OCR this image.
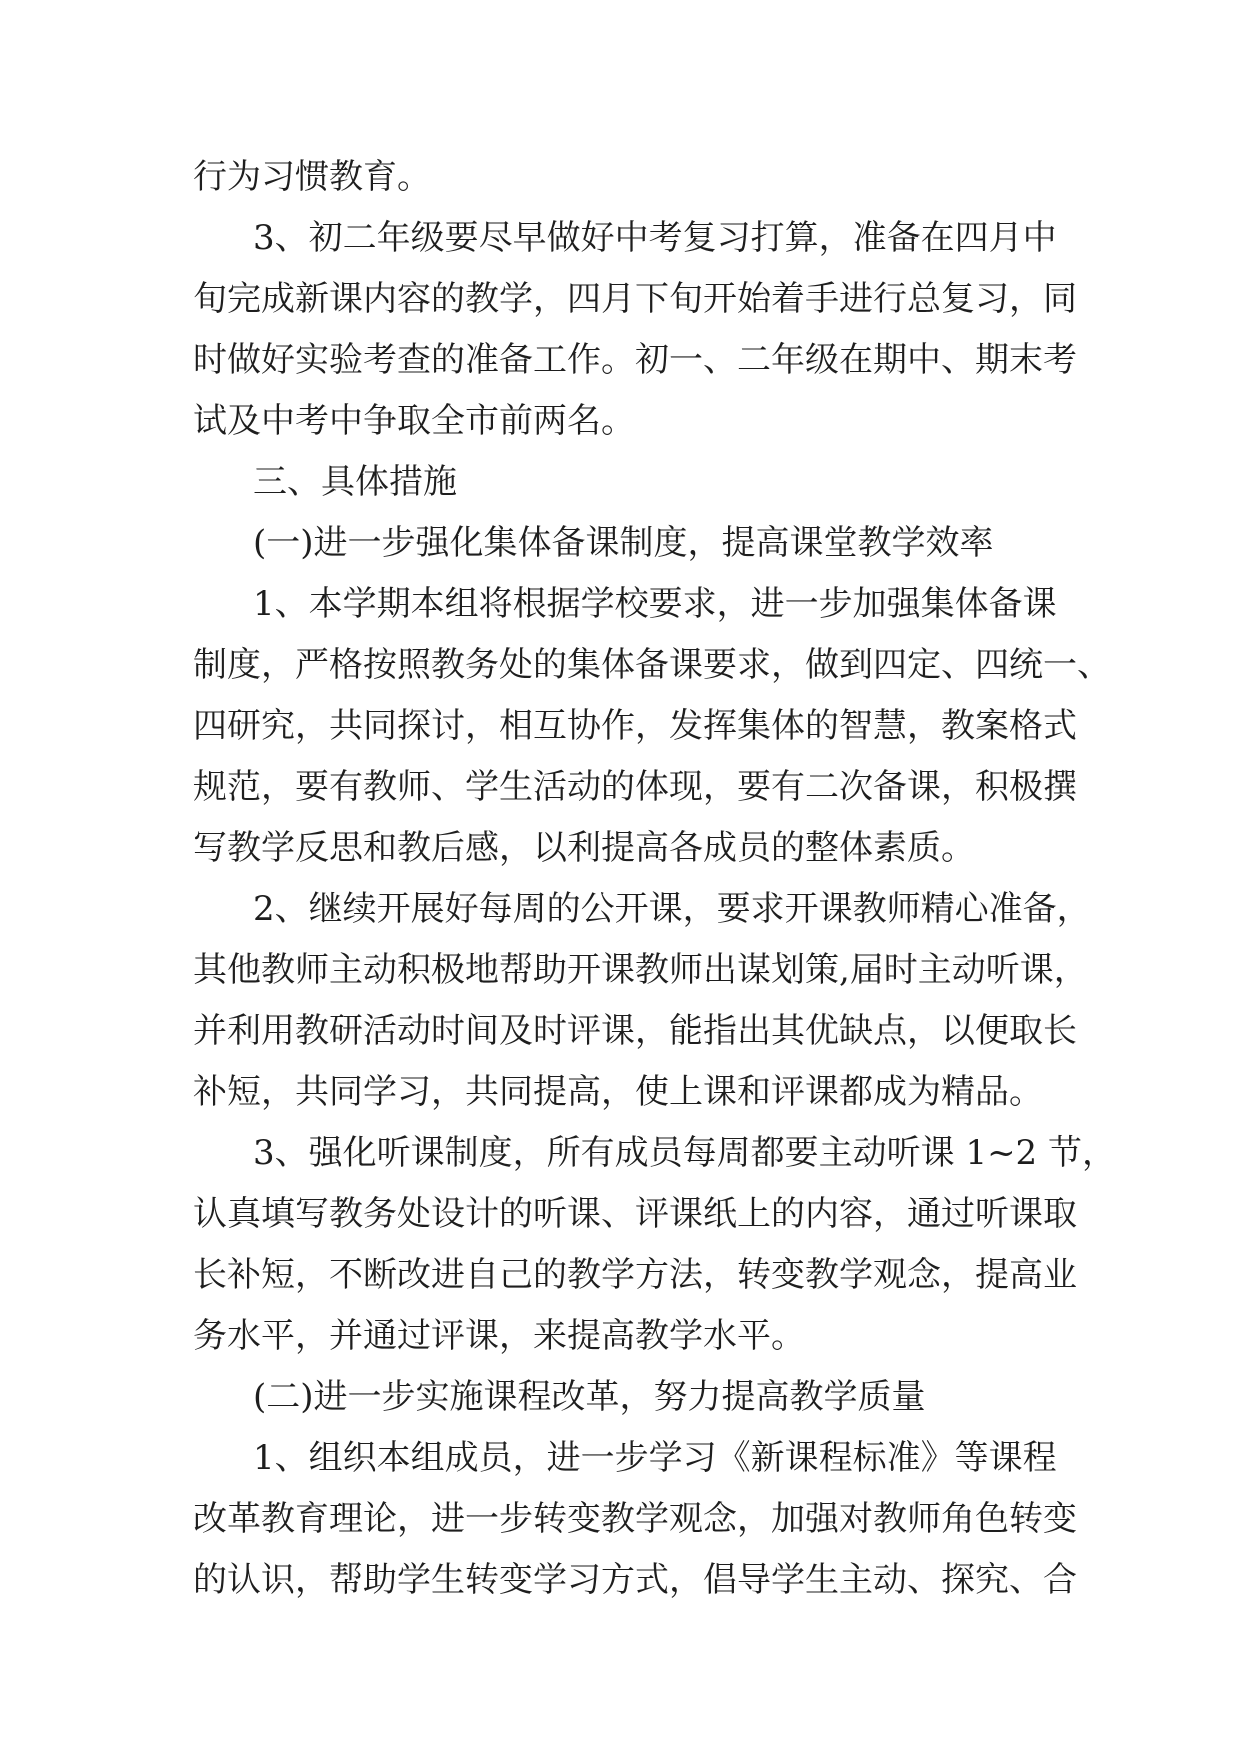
行为习惯教育。
3、初二年级要尽早做好中考复习打算，准备在四月中
旬完成新课内容的教学，四月下旬开始着手进行总复习，同
时做好实验考查的准备工作。初一、二年级在期中、期末考
试及中考中争取全市前两名。
三、具体措施
(一)进一步强化集体备课制度，提高课堂教学效率
1、本学期本组将根据学校要求，进一步加强集体备课
制度，严格按照教务处的集体备课要求，做到四定、四统一、
四研究，共同探讨，相互协作，发挥集体的智慧，教案格式
规范，要有教师、学生活动的体现，要有二次备课，积极撰
写教学反思和教后感，以利提高各成员的整体素质。
2、继续开展好每周的公开课，要求开课教师精心准备，
其他教师主动积极地帮助开课教师出谋划策,届时主动听课，
并利用教研活动时间及时评课，能指出其优缺点，以便取长
补短，共同学习，共同提高，使上课和评课都成为精品。
3、强化听课制度，所有成员每周都要主动听课 1~2 节，
认真填写教务处设计的听课、评课纸上的内容，通过听课取
长补短，不断改进自己的教学方法，转变教学观念，提高业
务水平，并通过评课，来提高教学水平。
(二)进一步实施课程改革，努力提高教学质量
1、组织本组成员，进一步学习《新课程标准》等课程
改革教育理论，进一步转变教学观念，加强对教师角色转变
的认识，帮助学生转变学习方式，倡导学生主动、探究、合
